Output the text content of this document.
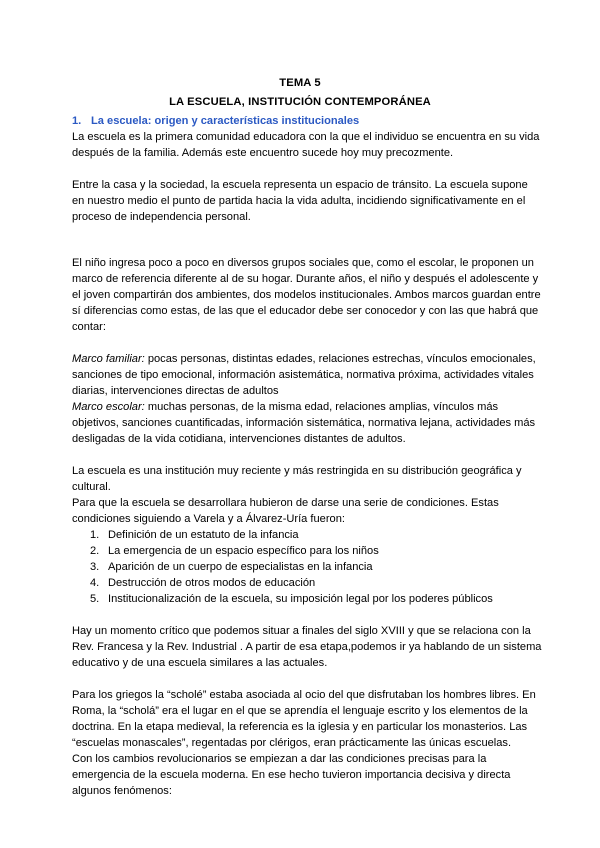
TEMA 5
LA ESCUELA, INSTITUCIÓN CONTEMPORÁNEA
1. La escuela: origen y características institucionales

La escuela es la primera comunidad educadora con la que el individuo se encuentra en su vida después de la familia. Además este encuentro sucede hoy muy precozmente.

Entre la casa y la sociedad, la escuela representa un espacio de tránsito. La escuela supone en nuestro medio el punto de partida hacia la vida adulta, incidiendo significativamente en el proceso de independencia personal.

El niño ingresa poco a poco en diversos grupos sociales que, como el escolar, le proponen un marco de referencia diferente al de su hogar. Durante años, el niño y después el adolescente y el joven compartirán dos ambientes, dos modelos institucionales. Ambos marcos guardan entre sí diferencias como estas, de las que el educador debe ser conocedor y con las que habrá que contar:

Marco familiar: pocas personas, distintas edades, relaciones estrechas, vínculos emocionales, sanciones de tipo emocional, información asistemática, normativa próxima, actividades vitales diarias, intervenciones directas de adultos

Marco escolar: muchas personas, de la misma edad, relaciones amplias, vínculos más objetivos, sanciones cuantificadas, información sistemática, normativa lejana, actividades más desligadas de la vida cotidiana, intervenciones distantes de adultos.

La escuela es una institución muy reciente y más restringida en su distribución geográfica y cultural.

Para que la escuela se desarrollara hubieron de darse una serie de condiciones. Estas condiciones siguiendo a Varela y a Álvarez-Uría fueron:

1. Definición de un estatuto de la infancia
2. La emergencia de un espacio específico para los niños
3. Aparición de un cuerpo de especialistas en la infancia
4. Destrucción de otros modos de educación
5. Institucionalización de la escuela, su imposición legal por los poderes públicos

Hay un momento crítico que podemos situar a finales del siglo XVIII y que se relaciona con la Rev. Francesa y la Rev. Industrial . A partir de esa etapa,podemos ir ya hablando de un sistema educativo y de una escuela similares a las actuales.

Para los griegos la “scholé” estaba asociada al ocio del que disfrutaban los hombres libres. En Roma, la “scholá” era el lugar en el que se aprendía el lenguaje escrito y los elementos de la doctrina. En la etapa medieval, la referencia es la iglesia y en particular los monasterios. Las “escuelas monascales”, regentadas por clérigos, eran prácticamente las únicas escuelas.

Con los cambios revolucionarios se empiezan a dar las condiciones precisas para la emergencia de la escuela moderna. En ese hecho tuvieron importancia decisiva y directa algunos fenómenos:
